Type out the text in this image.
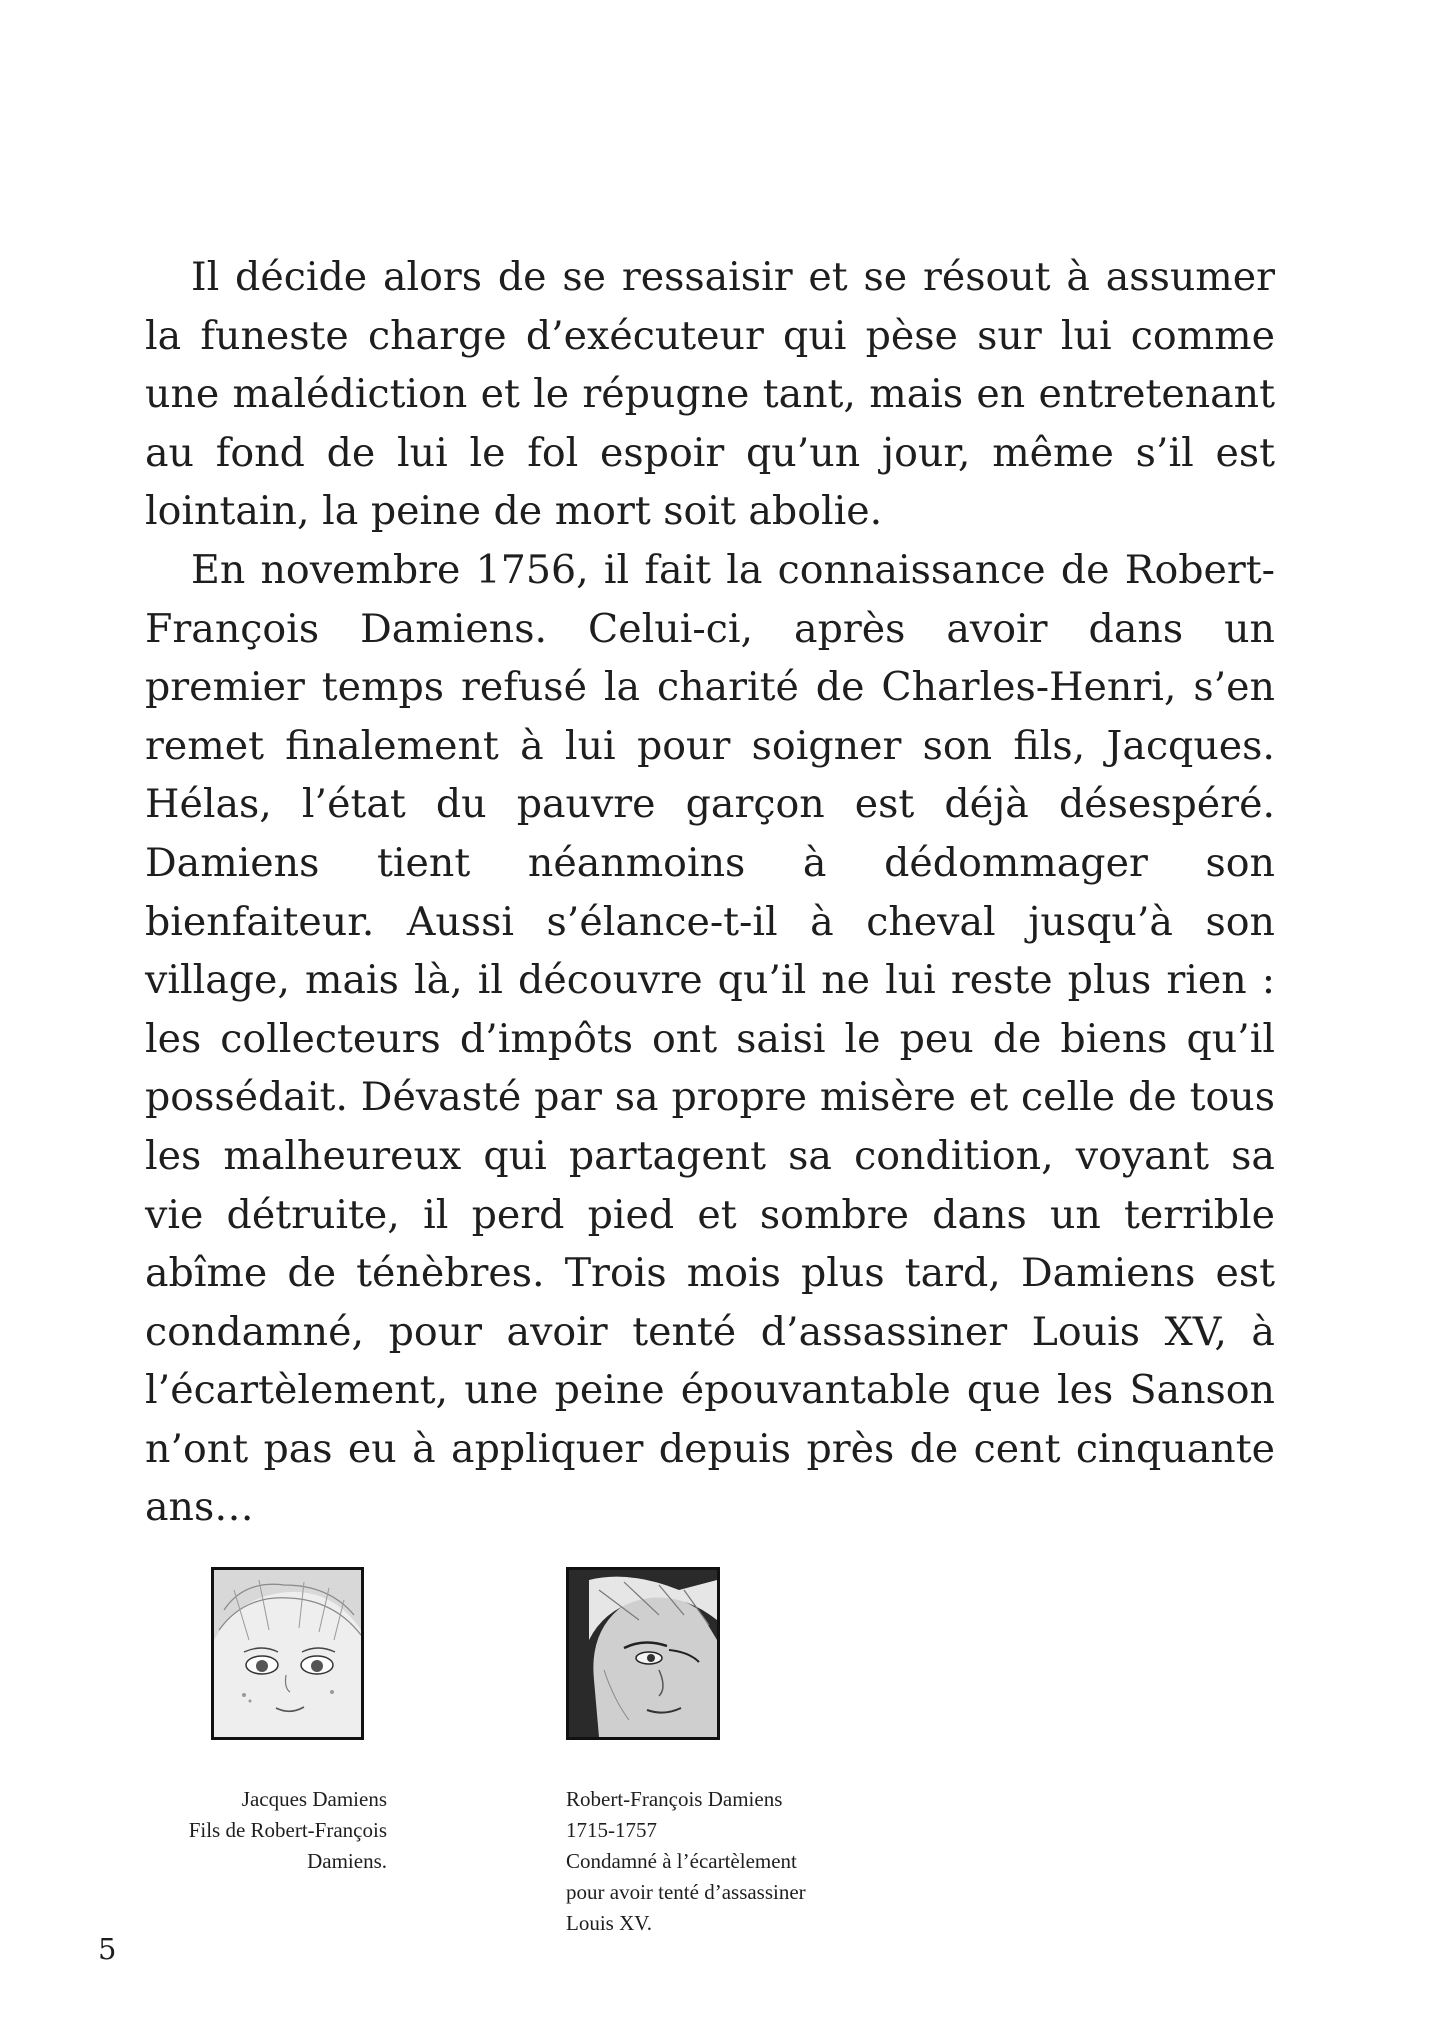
Il décide alors de se ressaisir et se résout à assumer la funeste charge d’exécuteur qui pèse sur lui comme une malédiction et le répugne tant, mais en entretenant au fond de lui le fol espoir qu’un jour, même s’il est lointain, la peine de mort soit abolie.

En novembre 1756, il fait la connaissance de Robert-François Damiens. Celui-ci, après avoir dans un premier temps refusé la charité de Charles-Henri, s’en remet finalement à lui pour soigner son fils, Jacques. Hélas, l’état du pauvre garçon est déjà désespéré. Damiens tient néanmoins à dédommager son bienfaiteur. Aussi s’élance-t-il à cheval jusqu’à son village, mais là, il découvre qu’il ne lui reste plus rien : les collecteurs d’impôts ont saisi le peu de biens qu’il possédait. Dévasté par sa propre misère et celle de tous les malheureux qui partagent sa condition, voyant sa vie détruite, il perd pied et sombre dans un terrible abîme de ténèbres. Trois mois plus tard, Damiens est condamné, pour avoir tenté d’assassiner Louis XV, à l’écartèlement, une peine épouvantable que les Sanson n’ont pas eu à appliquer depuis près de cent cinquante ans…

Jacques Damiens
Fils de Robert-François
Damiens.
Robert-François Damiens
1715-1757
Condamné à l’écartèlement
pour avoir tenté d’assassiner
Louis XV.
5
